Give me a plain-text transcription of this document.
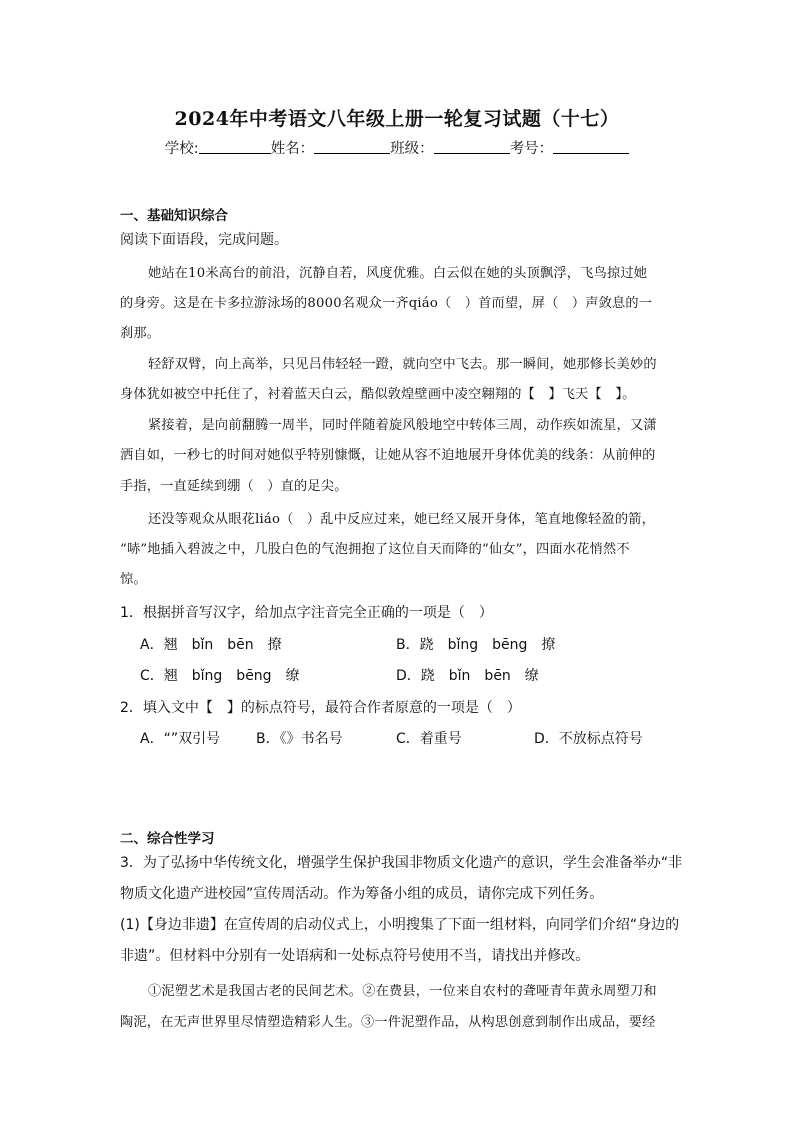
2024年中考语文八年级上册一轮复习试题（十七）
学校:	姓名：	班级：	考号：
一、基础知识综合
阅读下面语段，完成问题。
她站在10米高台的前沿，沉静自若，风度优雅。白云似在她的头顶飘浮，飞鸟掠过她
的身旁。这是在卡多拉游泳场的8000名观众一齐qiáo（　）首而望，屏（　）声敛息的一
刹那。
轻舒双臂，向上高举，只见吕伟轻轻一蹬，就向空中飞去。那一瞬间，她那修长美妙的
身体犹如被空中托住了，衬着蓝天白云，酷似敦煌壁画中凌空翱翔的【　】飞天【　】。
紧接着，是向前翻腾一周半，同时伴随着旋风般地空中转体三周，动作疾如流星，又潇
洒自如，一秒七的时间对她似乎特别慷慨，让她从容不迫地展开身体优美的线条：从前伸的
手指，一直延续到绷（　）直的足尖。
还没等观众从眼花liáo（　）乱中反应过来，她已经又展开身体，笔直地像轻盈的箭，
“哧”地插入碧波之中，几股白色的气泡拥抱了这位自天而降的“仙女”，四面水花悄然不
惊。
1．根据拼音写汉字，给加点字注音完全正确的一项是（　）
A．翘　bǐn　bēn　撩	B．跷　bǐng　bēng　撩
C．翘　bǐng　bēng　缭	D．跷　bǐn　bēn　缭
2．填入文中【　】的标点符号，最符合作者原意的一项是（　）
A．“”双引号	B．《》书名号	C．着重号	D．不放标点符号
二、综合性学习
3．为了弘扬中华传统文化，增强学生保护我国非物质文化遗产的意识，学生会准备举办“非
物质文化遗产进校园”宣传周活动。作为筹备小组的成员，请你完成下列任务。
(1)【身边非遗】在宣传周的启动仪式上，小明搜集了下面一组材料，向同学们介绍“身边的
非遗”。但材料中分别有一处语病和一处标点符号使用不当，请找出并修改。
①泥塑艺术是我国古老的民间艺术。②在费县，一位来自农村的聋哑青年黄永周塑刀和
陶泥，在无声世界里尽情塑造精彩人生。③一件泥塑作品，从构思创意到制作出成品，要经
